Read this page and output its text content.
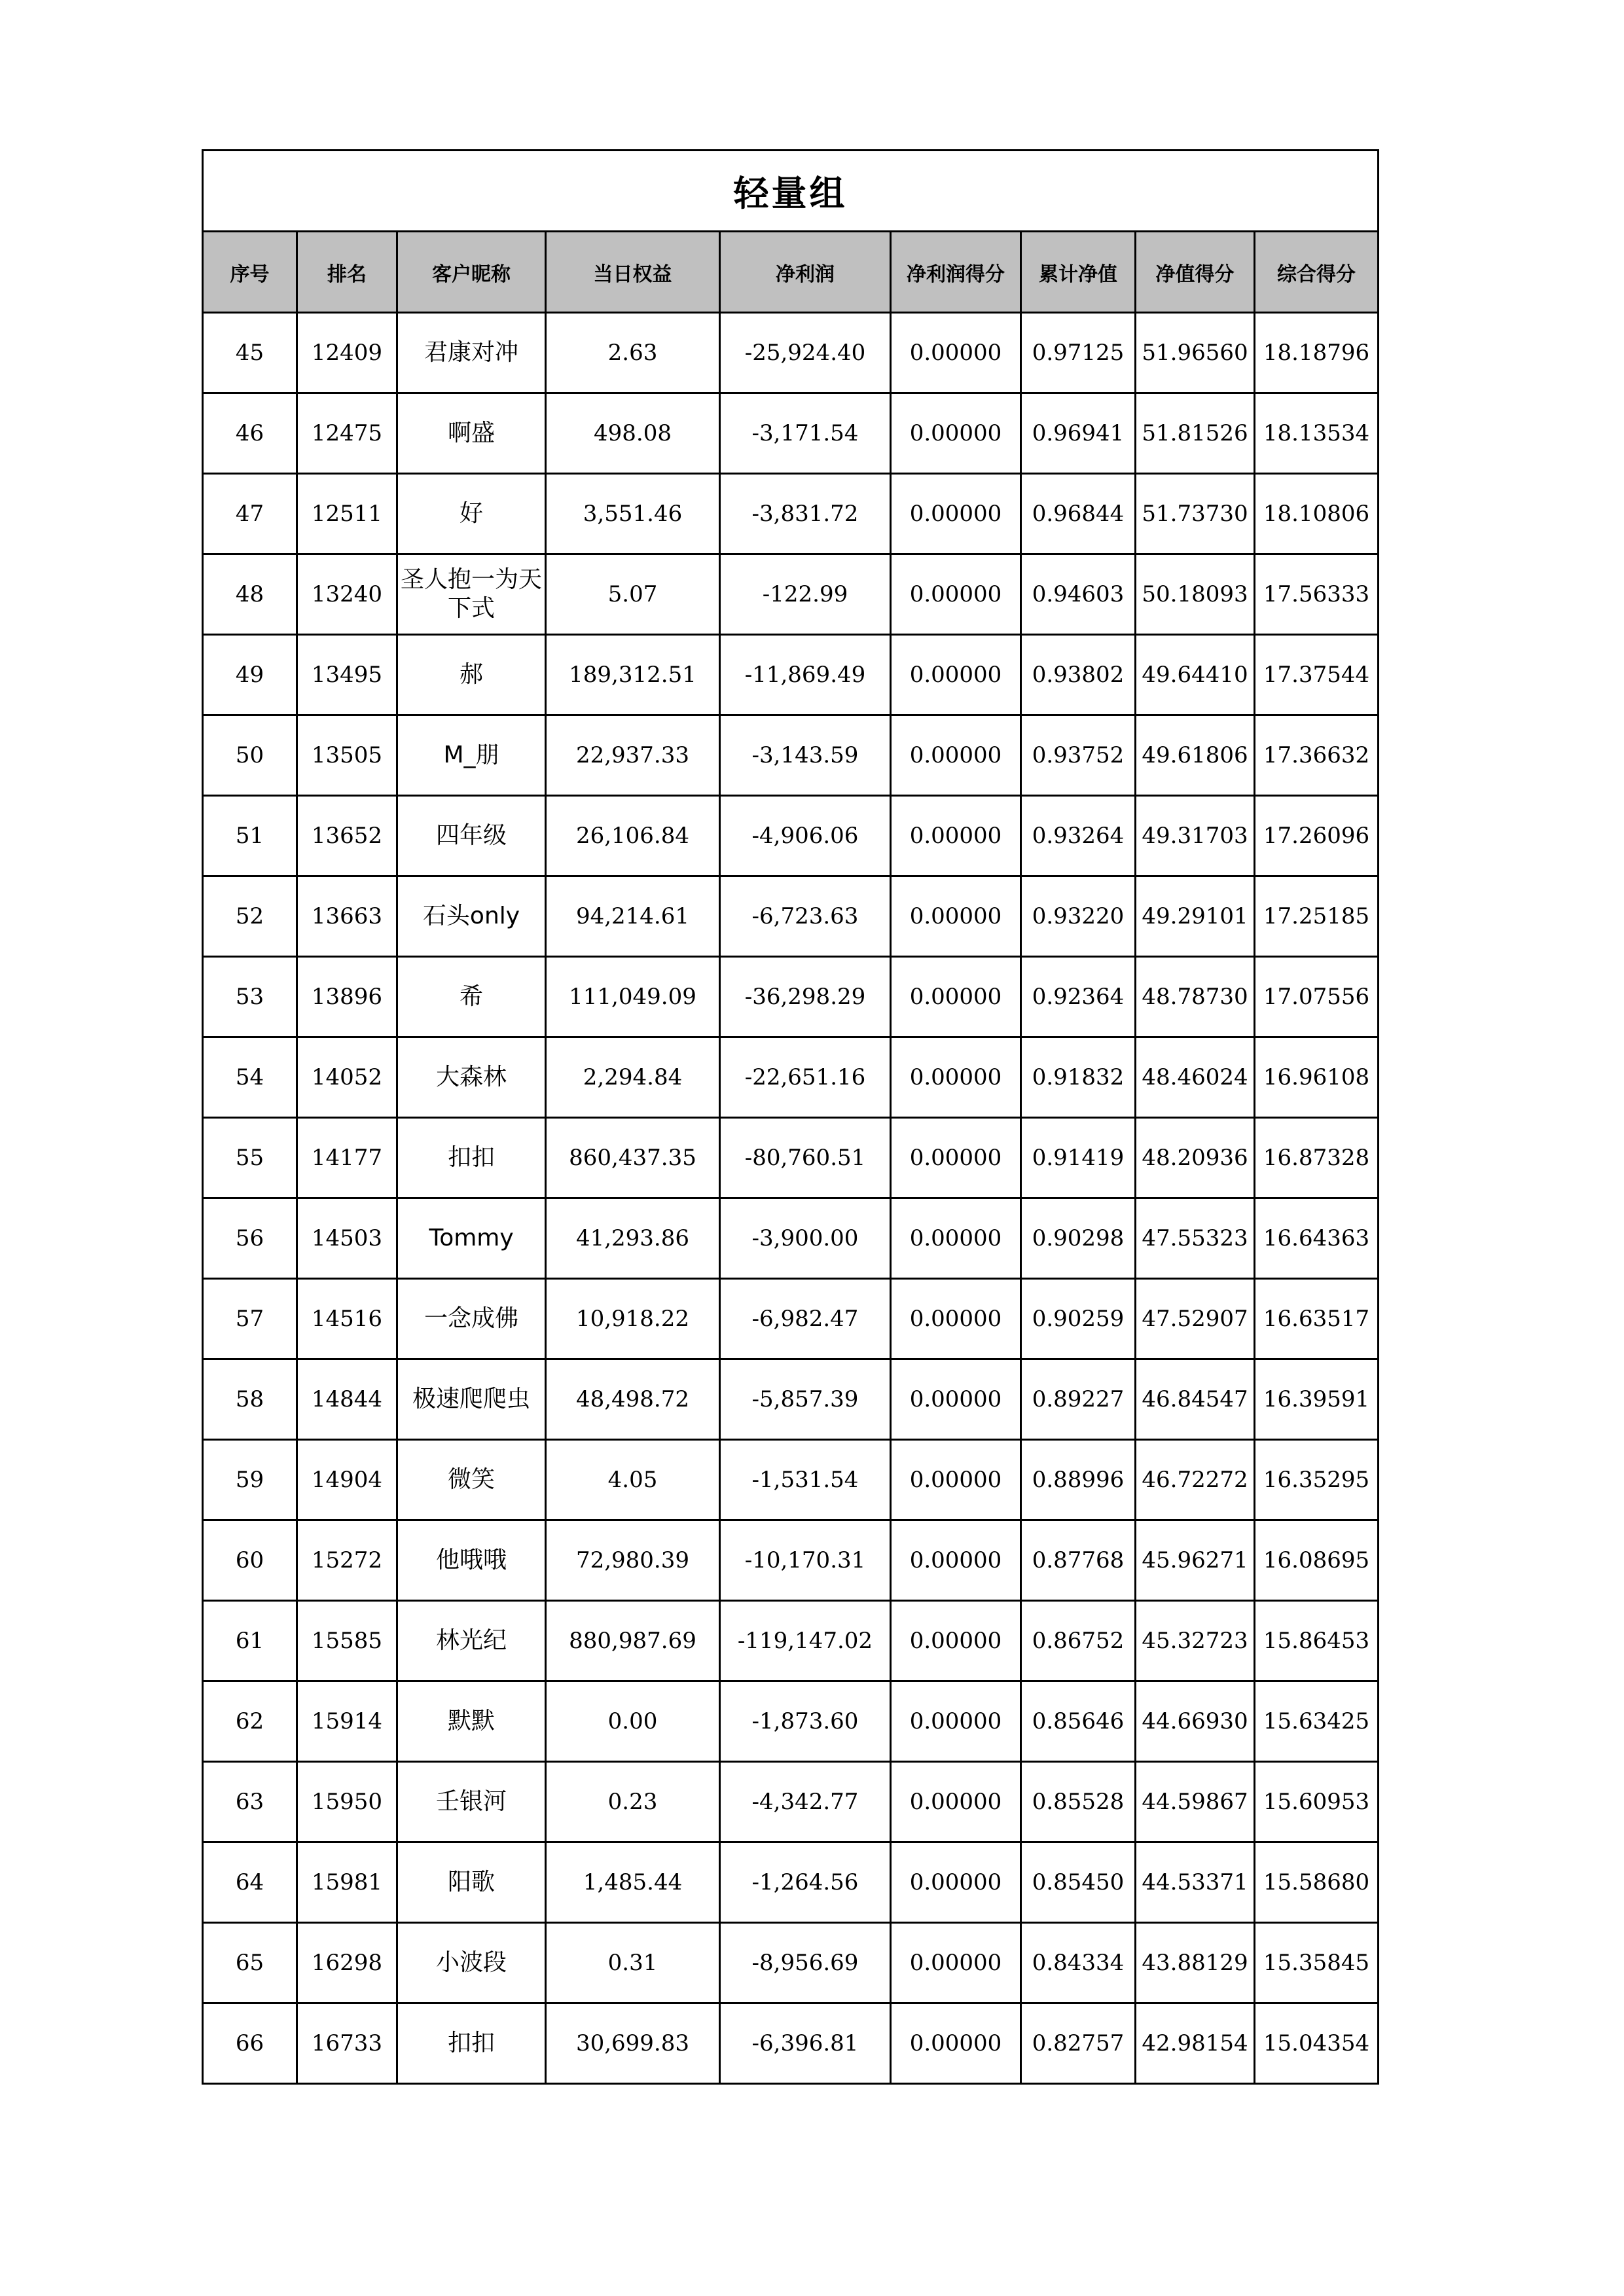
轻量组								
序号	排名	客户昵称	当日权益	净利润	净利润得分	累计净值	净值得分	综合得分
45	12409	君康对冲	2.63	-25,924.40	0.00000	0.97125	51.96560	18.18796
46	12475	啊盛	498.08	-3,171.54	0.00000	0.96941	51.81526	18.13534
47	12511	好	3,551.46	-3,831.72	0.00000	0.96844	51.73730	18.10806
48	13240	圣人抱一为天下式	5.07	-122.99	0.00000	0.94603	50.18093	17.56333
49	13495	郝	189,312.51	-11,869.49	0.00000	0.93802	49.64410	17.37544
50	13505	M_朋	22,937.33	-3,143.59	0.00000	0.93752	49.61806	17.36632
51	13652	四年级	26,106.84	-4,906.06	0.00000	0.93264	49.31703	17.26096
52	13663	石头only	94,214.61	-6,723.63	0.00000	0.93220	49.29101	17.25185
53	13896	希	111,049.09	-36,298.29	0.00000	0.92364	48.78730	17.07556
54	14052	大森林	2,294.84	-22,651.16	0.00000	0.91832	48.46024	16.96108
55	14177	扣扣	860,437.35	-80,760.51	0.00000	0.91419	48.20936	16.87328
56	14503	Tommy	41,293.86	-3,900.00	0.00000	0.90298	47.55323	16.64363
57	14516	一念成佛	10,918.22	-6,982.47	0.00000	0.90259	47.52907	16.63517
58	14844	极速爬爬虫	48,498.72	-5,857.39	0.00000	0.89227	46.84547	16.39591
59	14904	微笑	4.05	-1,531.54	0.00000	0.88996	46.72272	16.35295
60	15272	他哦哦	72,980.39	-10,170.31	0.00000	0.87768	45.96271	16.08695
61	15585	林光纪	880,987.69	-119,147.02	0.00000	0.86752	45.32723	15.86453
62	15914	默默	0.00	-1,873.60	0.00000	0.85646	44.66930	15.63425
63	15950	壬银河	0.23	-4,342.77	0.00000	0.85528	44.59867	15.60953
64	15981	阳歌	1,485.44	-1,264.56	0.00000	0.85450	44.53371	15.58680
65	16298	小波段	0.31	-8,956.69	0.00000	0.84334	43.88129	15.35845
66	16733	扣扣	30,699.83	-6,396.81	0.00000	0.82757	42.98154	15.04354
